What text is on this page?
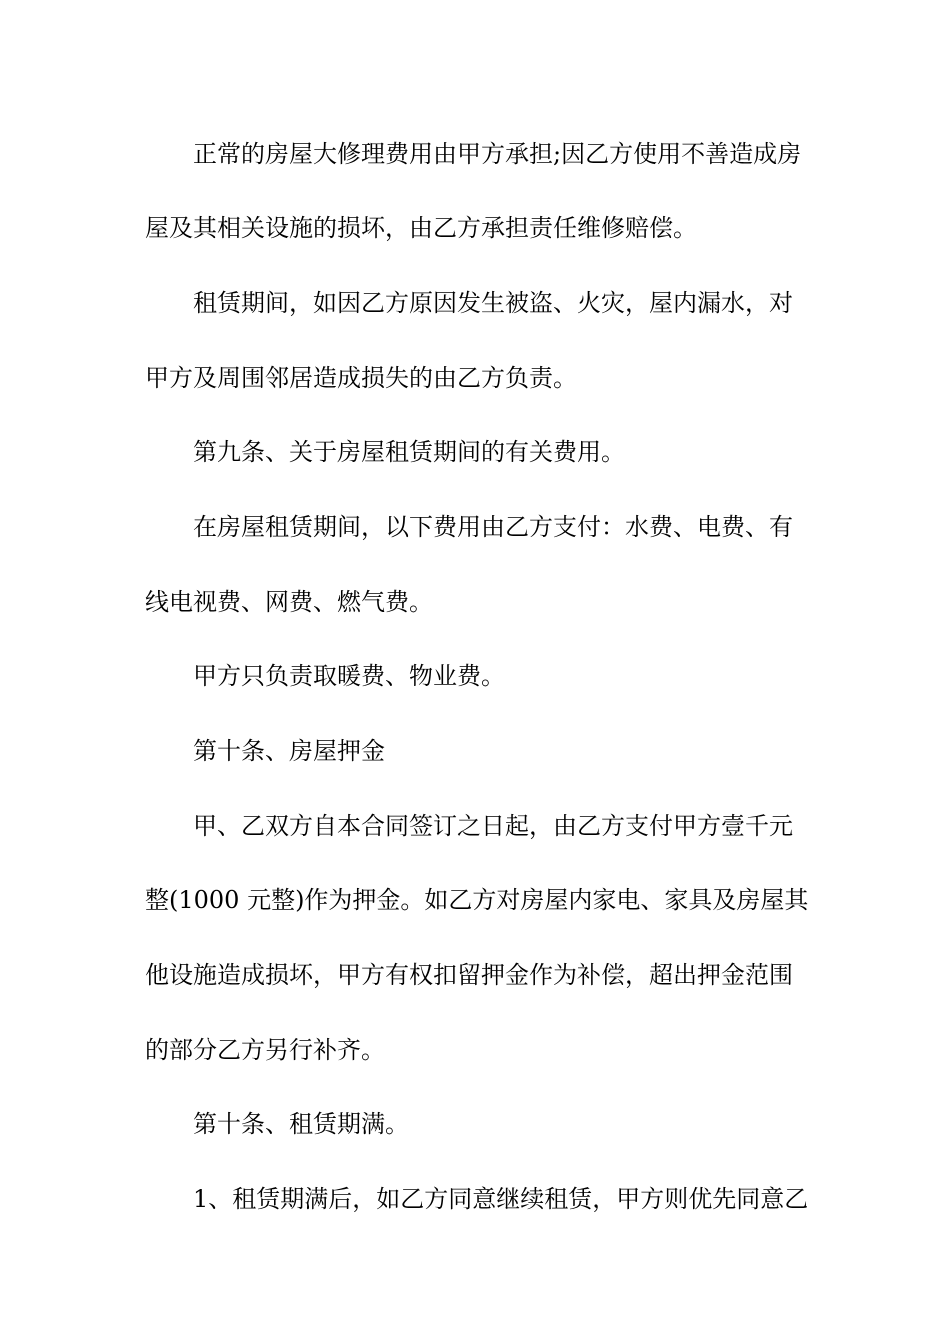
正常的房屋大修理费用由甲方承担;因乙方使用不善造成房
屋及其相关设施的损坏，由乙方承担责任维修赔偿。
租赁期间，如因乙方原因发生被盗、火灾，屋内漏水，对
甲方及周围邻居造成损失的由乙方负责。
第九条、关于房屋租赁期间的有关费用。
在房屋租赁期间，以下费用由乙方支付：水费、电费、有
线电视费、网费、燃气费。
甲方只负责取暖费、物业费。
第十条、房屋押金
甲、乙双方自本合同签订之日起，由乙方支付甲方壹千元
整(1000 元整)作为押金。如乙方对房屋内家电、家具及房屋其
他设施造成损坏，甲方有权扣留押金作为补偿，超出押金范围
的部分乙方另行补齐。
第十条、租赁期满。
1、租赁期满后，如乙方同意继续租赁，甲方则优先同意乙
